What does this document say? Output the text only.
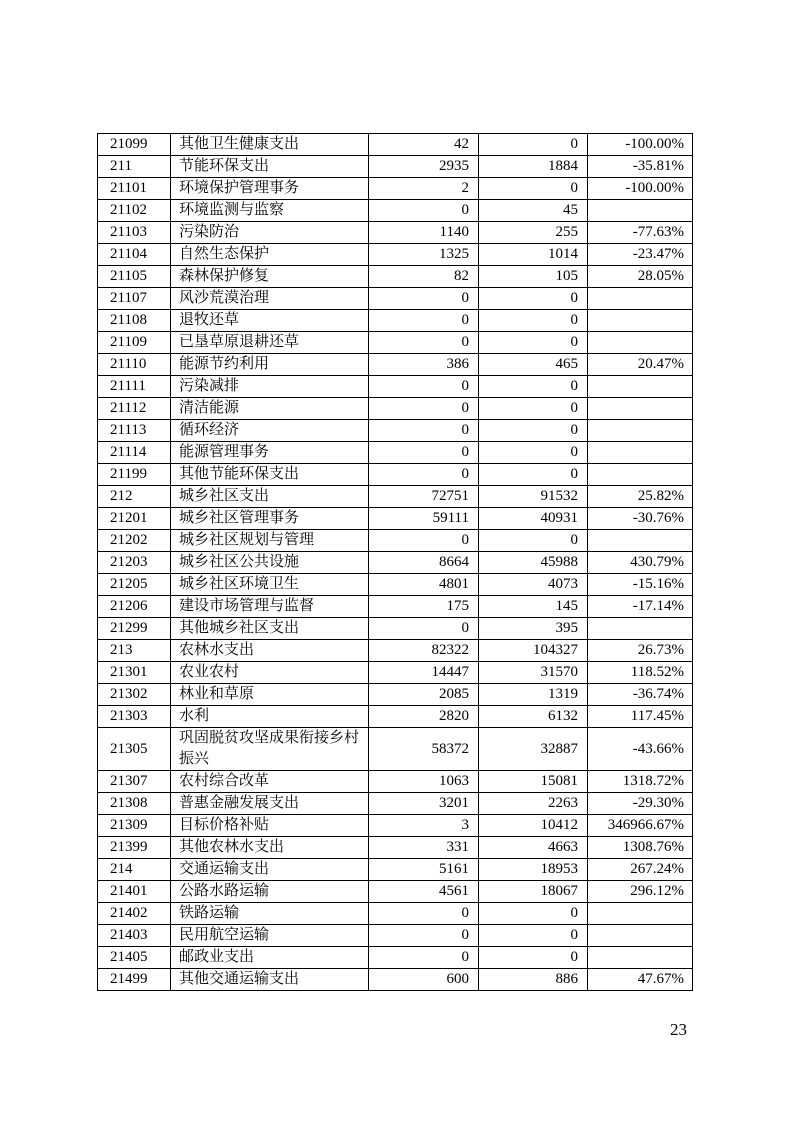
21099	其他卫生健康支出	42	0	-100.00%
211	节能环保支出	2935	1884	-35.81%
21101	环境保护管理事务	2	0	-100.00%
21102	环境监测与监察	0	45	
21103	污染防治	1140	255	-77.63%
21104	自然生态保护	1325	1014	-23.47%
21105	森林保护修复	82	105	28.05%
21107	风沙荒漠治理	0	0	
21108	退牧还草	0	0	
21109	已垦草原退耕还草	0	0	
21110	能源节约利用	386	465	20.47%
21111	污染减排	0	0	
21112	清洁能源	0	0	
21113	循环经济	0	0	
21114	能源管理事务	0	0	
21199	其他节能环保支出	0	0	
212	城乡社区支出	72751	91532	25.82%
21201	城乡社区管理事务	59111	40931	-30.76%
21202	城乡社区规划与管理	0	0	
21203	城乡社区公共设施	8664	45988	430.79%
21205	城乡社区环境卫生	4801	4073	-15.16%
21206	建设市场管理与监督	175	145	-17.14%
21299	其他城乡社区支出	0	395	
213	农林水支出	82322	104327	26.73%
21301	农业农村	14447	31570	118.52%
21302	林业和草原	2085	1319	-36.74%
21303	水利	2820	6132	117.45%
21305	巩固脱贫攻坚成果衔接乡村振兴	58372	32887	-43.66%
21307	农村综合改革	1063	15081	1318.72%
21308	普惠金融发展支出	3201	2263	-29.30%
21309	目标价格补贴	3	10412	346966.67%
21399	其他农林水支出	331	4663	1308.76%
214	交通运输支出	5161	18953	267.24%
21401	公路水路运输	4561	18067	296.12%
21402	铁路运输	0	0	
21403	民用航空运输	0	0	
21405	邮政业支出	0	0	
21499	其他交通运输支出	600	886	47.67%
23
